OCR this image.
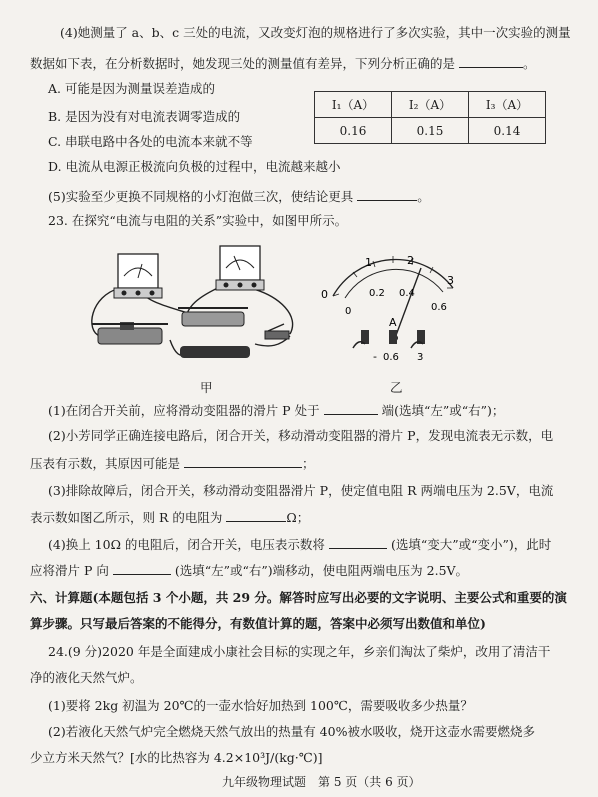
(4)她测量了 a、b、c 三处的电流，又改变灯泡的规格进行了多次实验，其中一次实验的测量
数据如下表，在分析数据时，她发现三处的测量值有差异，下列分析正确的是	。
A. 可能是因为测量误差造成的
B. 是因为没有对电流表调零造成的
C. 串联电路中各处的电流本来就不等
D. 电流从电源正极流向负极的过程中，电流越来越小
I₁（A）	I₂（A）	I₃（A）
0.16	0.15	0.14
(5)实验至少更换不同规格的小灯泡做三次，使结论更具	。
23. 在探究“电流与电阻的关系”实验中，如图甲所示。
甲
0
1	2
3
0
0.2 0.4
0.6
A
- 0.6 3
乙
(1)在闭合开关前，应将滑动变阻器的滑片 P 处于	端(选填“左”或“右”)；
(2)小芳同学正确连接电路后，闭合开关，移动滑动变阻器的滑片 P，发现电流表无示数，电
压表有示数，其原因可能是	；
(3)排除故障后，闭合开关，移动滑动变阻器滑片 P，使定值电阻 R 两端电压为 2.5V，电流
表示数如图乙所示，则 R 的电阻为	Ω；
(4)换上 10Ω 的电阻后，闭合开关，电压表示数将	(选填“变大”或“变小”)，此时
应将滑片 P 向	(选填“左”或“右”)端移动，使电阻两端电压为 2.5V。
六、计算题(本题包括 3 个小题，共 29 分。解答时应写出必要的文字说明、主要公式和重要的演
算步骤。只写最后答案的不能得分，有数值计算的题，答案中必须写出数值和单位)
24.(9 分)2020 年是全面建成小康社会目标的实现之年，乡亲们淘汰了柴炉，改用了清洁干
净的液化天然气炉。
(1)要将 2kg 初温为 20℃的一壶水恰好加热到 100℃，需要吸收多少热量？
(2)若液化天然气炉完全燃烧天然气放出的热量有 40%被水吸收，烧开这壶水需要燃烧多
少立方米天然气？[水的比热容为 4.2×10³J/(kg·℃)]
九年级物理试题　第 5 页（共 6 页）
